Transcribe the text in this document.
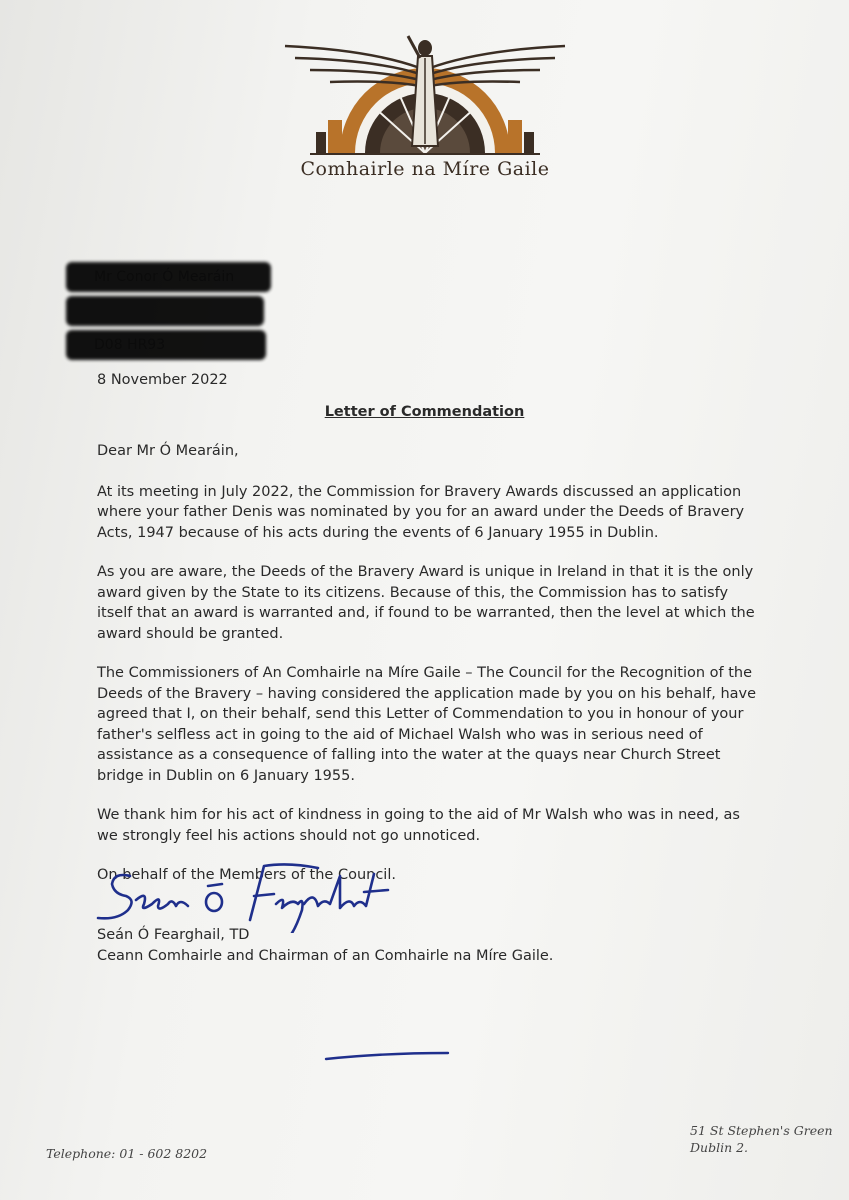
Comhairle na Míre Gaile
8 November 2022
Letter of Commendation

Dear Mr Ó Mearáin,

At its meeting in July 2022, the Commission for Bravery Awards discussed an application where your father Denis was nominated by you for an award under the Deeds of Bravery Acts, 1947 because of his acts during the events of 6 January 1955 in Dublin.

As you are aware, the Deeds of the Bravery Award is unique in Ireland in that it is the only award given by the State to its citizens. Because of this, the Commission has to satisfy itself that an award is warranted and, if found to be warranted, then the level at which the award should be granted.

The Commissioners of An Comhairle na Míre Gaile – The Council for the Recognition of the Deeds of the Bravery – having considered the application made by you on his behalf, have agreed that I, on their behalf, send this Letter of Commendation to you in honour of your father's selfless act in going to the aid of Michael Walsh who was in serious need of assistance as a consequence of falling into the water at the quays near Church Street bridge in Dublin on 6 January 1955.

We thank him for his act of kindness in going to the aid of Mr Walsh who was in need, as we strongly feel his actions should not go unnoticed.

On behalf of the Members of the Council.

Seán Ó Fearghail, TD
Ceann Comhairle and Chairman of an Comhairle na Míre Gaile.
Telephone: 01 - 602 8202
51 St Stephen's Green
Dublin 2.
